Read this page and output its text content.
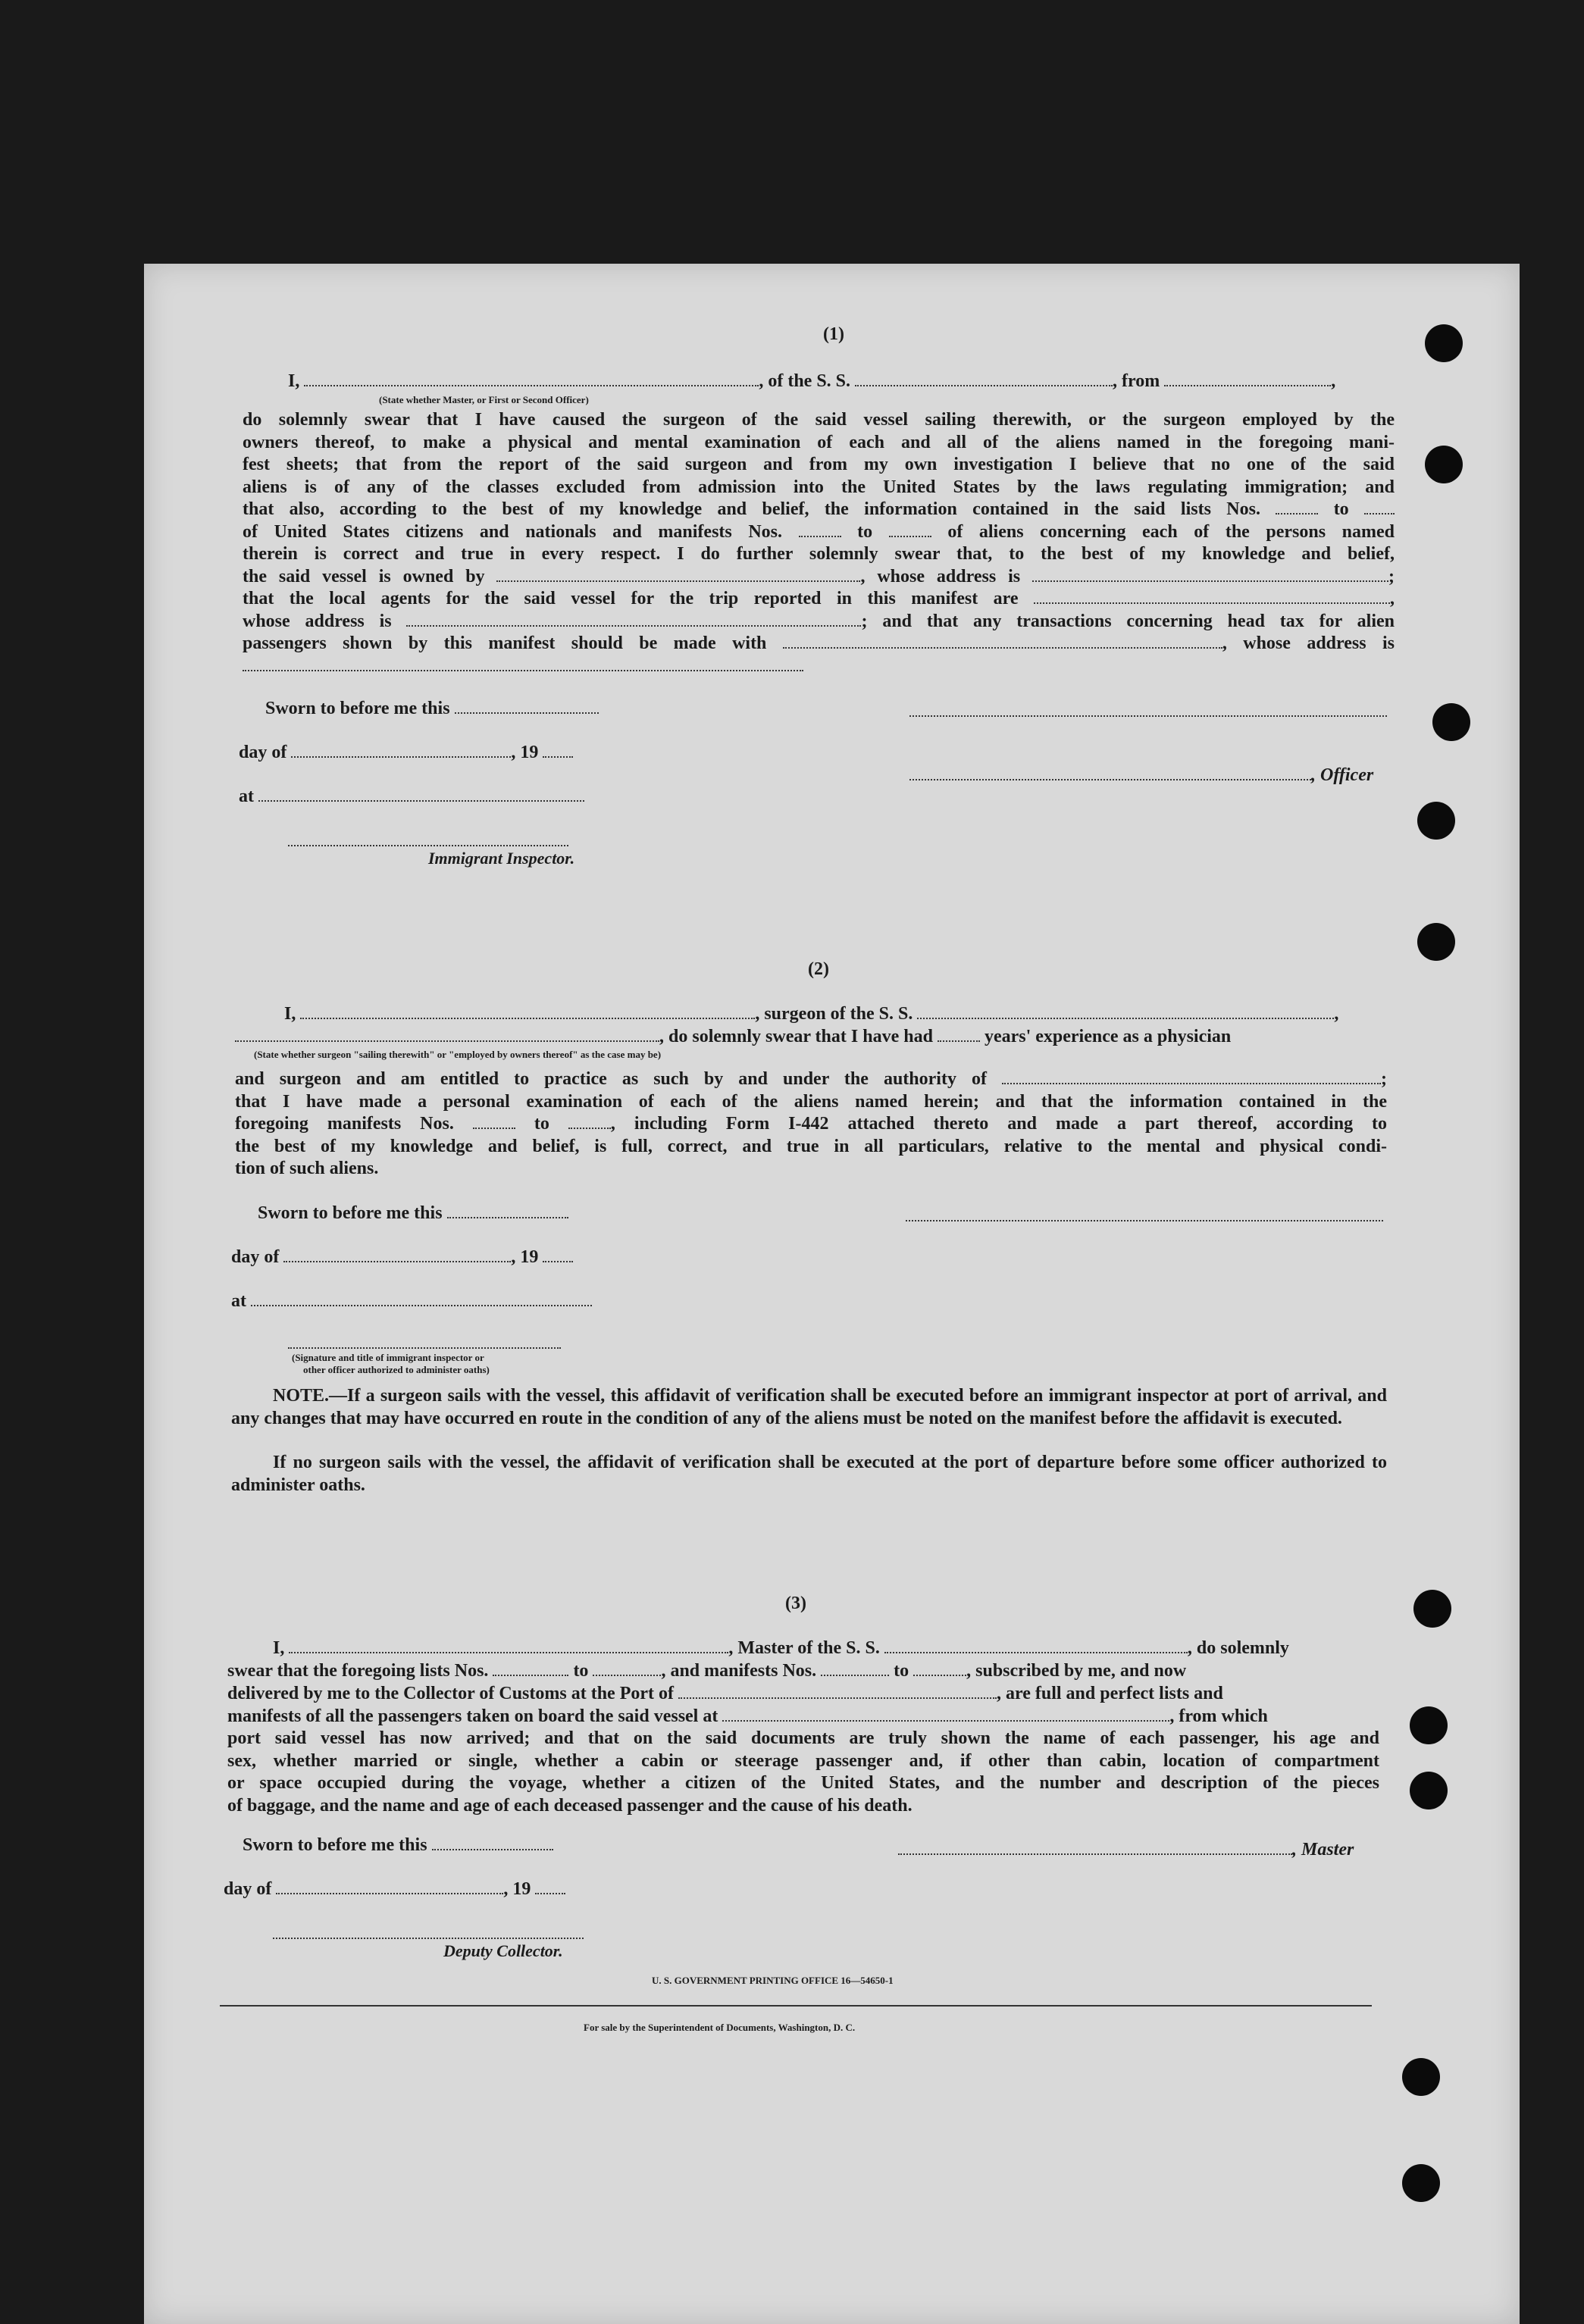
(1)
I,	, of the S. S.	, from	,
(State whether Master, or First or Second Officer)
do solemnly swear that I have caused the surgeon of the said vessel sailing therewith, or the surgeon employed by the
owners thereof, to make a physical and mental examination of each and all of the aliens named in the foregoing mani-
fest sheets; that from the report of the said surgeon and from my own investigation I believe that no one of the said
aliens is of any of the classes excluded from admission into the United States by the laws regulating immigration; and
that also, according to the best of my knowledge and belief, the information contained in the said lists Nos.	to
of United States citizens and nationals and manifests Nos.	to	of aliens concerning each of the persons named
therein is correct and true in every respect. I do further solemnly swear that, to the best of my knowledge and belief,
the said vessel is owned by	, whose address is	;
that the local agents for the said vessel for the trip reported in this manifest are	,
whose address is	; and that any transactions concerning head tax for alien
passengers shown by this manifest should be made with	, whose address is
Sworn to before me this
day of	, 19
at
Immigrant Inspector.
, Officer
(2)
I,	, surgeon of the S. S.	,
, do solemnly swear that I have had	years' experience as a physician
(State whether surgeon "sailing therewith" or "employed by owners thereof" as the case may be)
and surgeon and am entitled to practice as such by and under the authority of	;
that I have made a personal examination of each of the aliens named herein; and that the information contained in the
foregoing manifests Nos.	to	, including Form I-442 attached thereto and made a part thereof, according to
the best of my knowledge and belief, is full, correct, and true in all particulars, relative to the mental and physical condi-
tion of such aliens.
Sworn to before me this
day of	, 19
at
(Signature and title of immigrant inspector or
other officer authorized to administer oaths)
NOTE.—If a surgeon sails with the vessel, this affidavit of verification shall be executed before an immigrant inspector at port of arrival, and any changes that may have occurred en route in the condition of any of the aliens must be noted on the manifest before the affidavit is executed.
If no surgeon sails with the vessel, the affidavit of verification shall be executed at the port of departure before some officer authorized to administer oaths.
(3)
I,	, Master of the S. S.	, do solemnly
swear that the foregoing lists Nos.	to	, and manifests Nos.	to	, subscribed by me, and now
delivered by me to the Collector of Customs at the Port of	, are full and perfect lists and
manifests of all the passengers taken on board the said vessel at	, from which
port said vessel has now arrived; and that on the said documents are truly shown the name of each passenger, his age and
sex, whether married or single, whether a cabin or steerage passenger and, if other than cabin, location of compartment
or space occupied during the voyage, whether a citizen of the United States, and the number and description of the pieces
of baggage, and the name and age of each deceased passenger and the cause of his death.
Sworn to before me this
day of	, 19
Deputy Collector.
, Master
U. S. GOVERNMENT PRINTING OFFICE 16—54650-1
For sale by the Superintendent of Documents, Washington, D. C.
